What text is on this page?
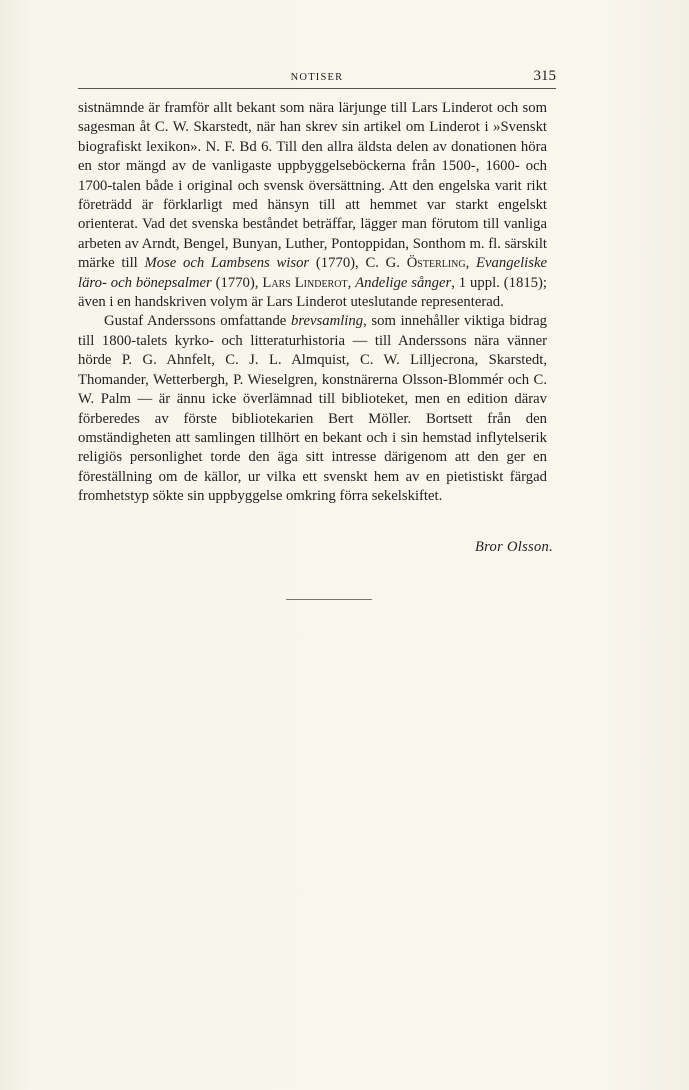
NOTISER	315

sistnämnde är framför allt bekant som nära lärjunge till Lars Linderot och som sagesman åt C. W. Skarstedt, när han skrev sin artikel om Linderot i »Svenskt biografiskt lexikon». N. F. Bd 6. Till den allra äldsta delen av donationen höra en stor mängd av de vanligaste uppbyggelseböckerna från 1500-, 1600- och 1700-talen både i original och svensk översättning. Att den engelska varit rikt företrädd är förklarligt med hänsyn till att hemmet var starkt engelskt orienterat. Vad det svenska beståndet beträffar, lägger man förutom till vanliga arbeten av Arndt, Bengel, Bunyan, Luther, Pontoppidan, Sonthom m. fl. särskilt märke till Mose och Lambsens wisor (1770), C. G. Österling, Evangeliske läro- och bönepsalmer (1770), Lars Linderot, Andelige sånger, 1 uppl. (1815); även i en handskriven volym är Lars Linderot uteslutande representerad.

Gustaf Anderssons omfattande brevsamling, som innehåller viktiga bidrag till 1800-talets kyrko- och litteraturhistoria — till Anderssons nära vänner hörde P. G. Ahnfelt, C. J. L. Almquist, C. W. Lilljecrona, Skarstedt, Thomander, Wetterbergh, P. Wieselgren, konstnärerna Olsson-Blommér och C. W. Palm — är ännu icke överlämnad till biblioteket, men en edition därav förberedes av förste bibliotekarien Bert Möller. Bortsett från den omständigheten att samlingen tillhört en bekant och i sin hemstad inflytelserik religiös personlighet torde den äga sitt intresse därigenom att den ger en föreställning om de källor, ur vilka ett svenskt hem av en pietistiskt färgad fromhetstyp sökte sin uppbyggelse omkring förra sekelskiftet.

Bror Olsson.
